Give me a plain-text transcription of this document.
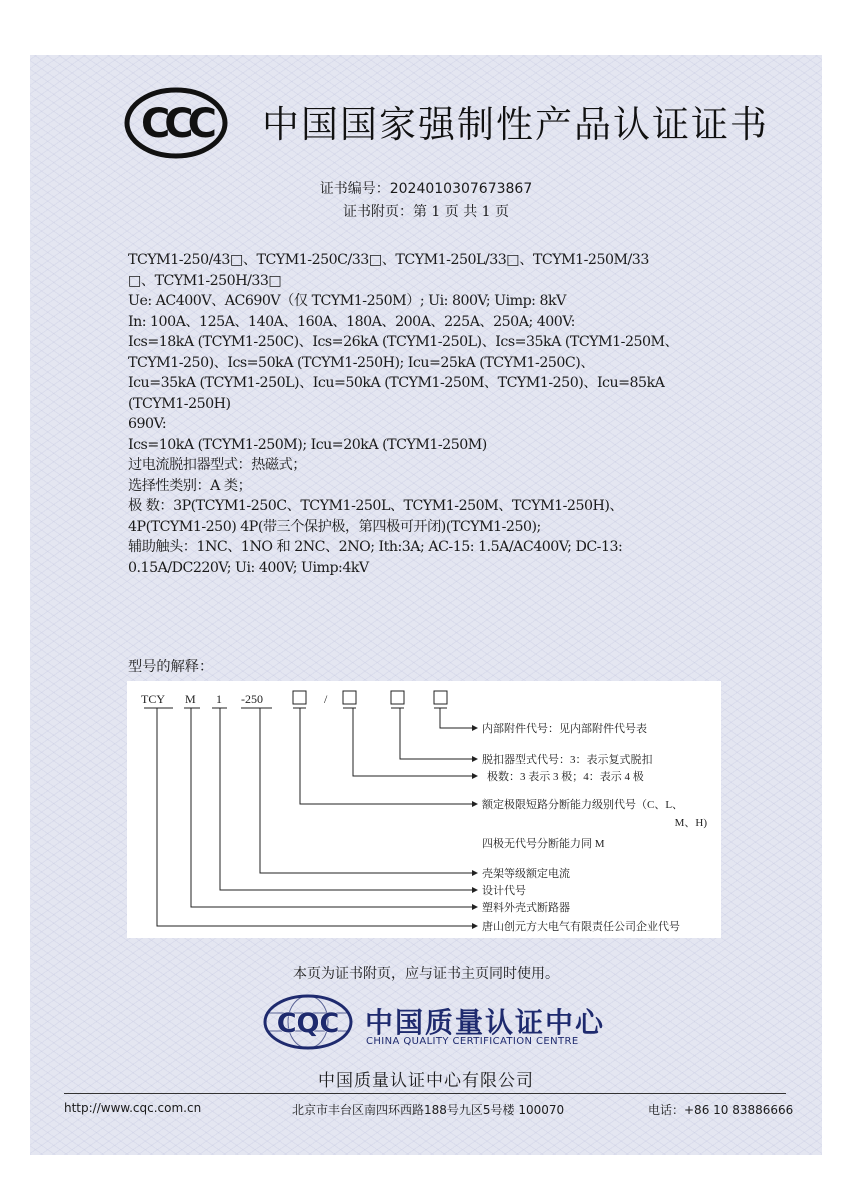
CCC 中国国家强制性产品认证证书
证书编号：2024010307673867
证书附页：第 1 页 共 1 页
TCYM1-250/43□、TCYM1-250C/33□、TCYM1-250L/33□、TCYM1-250M/33
□、TCYM1-250H/33□
Ue: AC400V、AC690V（仅 TCYM1-250M）; Ui: 800V; Uimp: 8kV
In: 100A、125A、140A、160A、180A、200A、225A、250A; 400V:
Ics=18kA (TCYM1-250C)、Ics=26kA (TCYM1-250L)、Ics=35kA (TCYM1-250M、
TCYM1-250)、Ics=50kA (TCYM1-250H); Icu=25kA (TCYM1-250C)、
Icu=35kA (TCYM1-250L)、Icu=50kA (TCYM1-250M、TCYM1-250)、Icu=85kA
(TCYM1-250H)
690V:
Ics=10kA (TCYM1-250M); Icu=20kA (TCYM1-250M)
过电流脱扣器型式：热磁式；
选择性类别：A 类；
极 数：3P(TCYM1-250C、TCYM1-250L、TCYM1-250M、TCYM1-250H)、
4P(TCYM1-250) 4P(带三个保护极，第四极可开闭)(TCYM1-250);
辅助触头：1NC、1NO 和 2NC、2NO; Ith:3A; AC-15: 1.5A/AC400V; DC-13:
0.15A/DC220V; Ui: 400V; Uimp:4kV
型号的解释：
TCY M 1 -250	/
内部附件代号：见内部附件代号表
脱扣器型式代号：3：表示复式脱扣
极数：3 表示 3 极；4：表示 4 极
额定极限短路分断能力级别代号（C、L、
M、H)
四极无代号分断能力同 M
壳架等级额定电流
设计代号
塑料外壳式断路器
唐山创元方大电气有限责任公司企业代号
本页为证书附页，应与证书主页同时使用。
CQC 中国质量认证中心
CHINA QUALITY CERTIFICATION CENTRE
中国质量认证中心有限公司
http://www.cqc.com.cn	北京市丰台区南四环西路188号九区5号楼 100070	电话：+86 10 83886666
